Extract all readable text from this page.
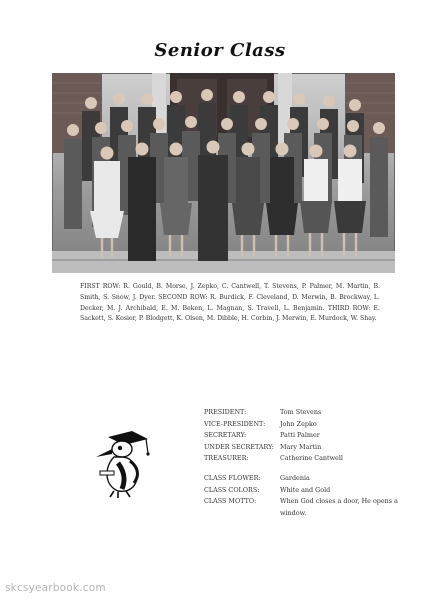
Senior Class
FIRST ROW: R. Gould, B. Morse, J. Zepko, C. Cantwell, T. Stevens, P. Palmer, M. Martin, B. Smith, S. Snow, J. Dyer. SECOND ROW: R. Burdick, F. Cleveland, D. Merwin, B. Brockway, L. Decker, M. J. Archibald, E. M. Beken, L. Magnan, S. Travell, L. Benjamin. THIRD ROW: E. Sackett, S. Kosier, P. Blodgett, K. Olsen, M. Dibble, H. Corbin, J. Merwin, E. Murdock, W. Shay.
PRESIDENT:	Tom Stevens
VICE-PRESIDENT:	John Zepko
SECRETARY:	Patti Palmer
UNDER SECRETARY: Mary Martin
TREASURER:	Catherine Cantwell
CLASS FLOWER:	Gardenia
CLASS COLORS:	White and Gold
CLASS MOTTO:	When God closes a door, He opens a window.
skcsyearbook.com
